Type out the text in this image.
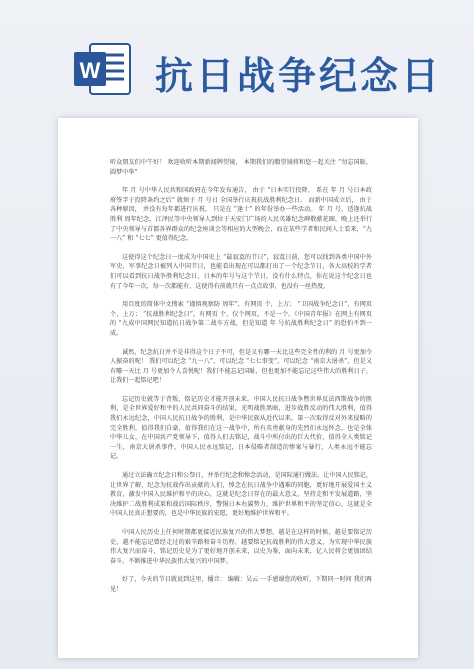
W 抗日战争纪念日

听众朋友们中午好！ 欢迎收听本期新闻牌望镜， 本期我们的瞭望镜将和您一起关注 “勿忘国耻，圆梦中华”

年 月 号中华人民共和国政府在今年发布通告， 由于 “日本实行投降， 系在 年 月 号日本政府签字于投降条约之后” 就须于 月 号日 全国举行庆祝抗战胜利纪念日。 而新中国成立后， 由于各种原因， 并没有每年都进行庆祝。 只是在 “逢十” 的年份举办一些活动。 年 月 号，适逢抗战胜利 周年纪念，江泽民等中央领导人到位于天安门广场的人民英雄纪念碑敬献花圈，晚上还举行了中央领导与首都各界群众的纪念座谈会等相应的大型晚会，而在某些学者和民间人士看来，“九一八” 和 “七七” 更值得纪念。

这使得这个纪念日一度成为中国史上 “最寂寞的节日”，寂寞日前，您可以找到各类中国中外军史、军事纪念日被列入中国节日，也能看出现在可以都打出了一个纪念节日，各大高校的学者们可以看到抗日战争胜利纪念日，日本的年号与这个节日，没有什么特点，你在说这个纪念日也有了今年一次，每一次都能有，这使得有前就只有一点点故事，也没有一丝热度。

用百度的简体中文搜索 “谨慎观察防 周年”，有网页 个，上万； “卫国战争纪念日”，有网页 个，上万； “抗战胜利纪念日”，有网页 个，仅个网页，不是一个。《中国青年报》在网上有网页的 “九成中国网民知道抗日战争第二战车方战，但是知道 年 号抗战胜利纪念日” 的恐怕不到一成。

诚然，纪念抗日并不是非得这个日子不可，但是又有哪一天比这些完全性的利的 月 号更加令人振奋的呢！ 我们可以纪念 “九一八”，可以纪念 “七七事变”，可以纪念 “南京大屠杀”，但是又有哪一天比 月 号更加令人喜悦呢！我们不能忘记国耻，但也更加不能忘记这些伟大的胜利日子，让我们一起铭记吧！

忘记历史就等于背叛，铭记历史才能开创未来。中国人民抗日战争暨世界反法西斯战争的胜利，是全世界爱好和平的人民共同奋斗的结果，光明战胜黑暗，进步战胜反动的伟大胜利，值得我们永远纪念，中国人民抗日战争的胜利，是中华民族从近代以来，第一次取得反对外来侵略的完全胜利，值得我们自豪，值得我们在这一战争中，所有英勇献身的先烈们永远怀念，也是全体中华儿女，在中国共产党领导下，值得人们去铭记，战斗中所付出的巨大代价，值得全人类铭记一生，南京大屠杀事件，中国人民永远铭记，日本侵略者制造的惨案与暴行，人类永远不能忘记。

通过立法确立纪念日和公祭日，并举行纪念和悼念活动，是国际通行做法。让中国人民铭记，让世界了解，纪念为抗战作出贡献的人们，悼念在抗日战争中遇难的同胞，更好地开展爱国主义教育，激发中国人民维护和平的决心，这就是纪念日存在的最大意义。坚持走和平发展道路，坚决维护二战胜利成果和战后国际秩序，警惕日本右翼势力，维护世界和平的坚定信心，这就是全中国人民真正想要的，也是中华民族的宏愿，更好地维护世界和平。

中国人民历史上任何时期都更接近民族复兴的伟大梦想。越是在这样的时候，越是要铭记历史，越不能忘记曾经走过的艰辛路和奋斗历程，越要铭记抗战胜利的伟大意义，为实现中华民族伟大复兴而奋斗，铭记历史是为了更好地开创未来，以史为鉴，面向未来，亿人民将会更加团结奋斗，不断推进中华民族伟大复兴的中国梦。

好了，今天的节目就说到这里，播音： 编辑：吴云 一手感谢您的收听，下期同一时间 我们再见！
